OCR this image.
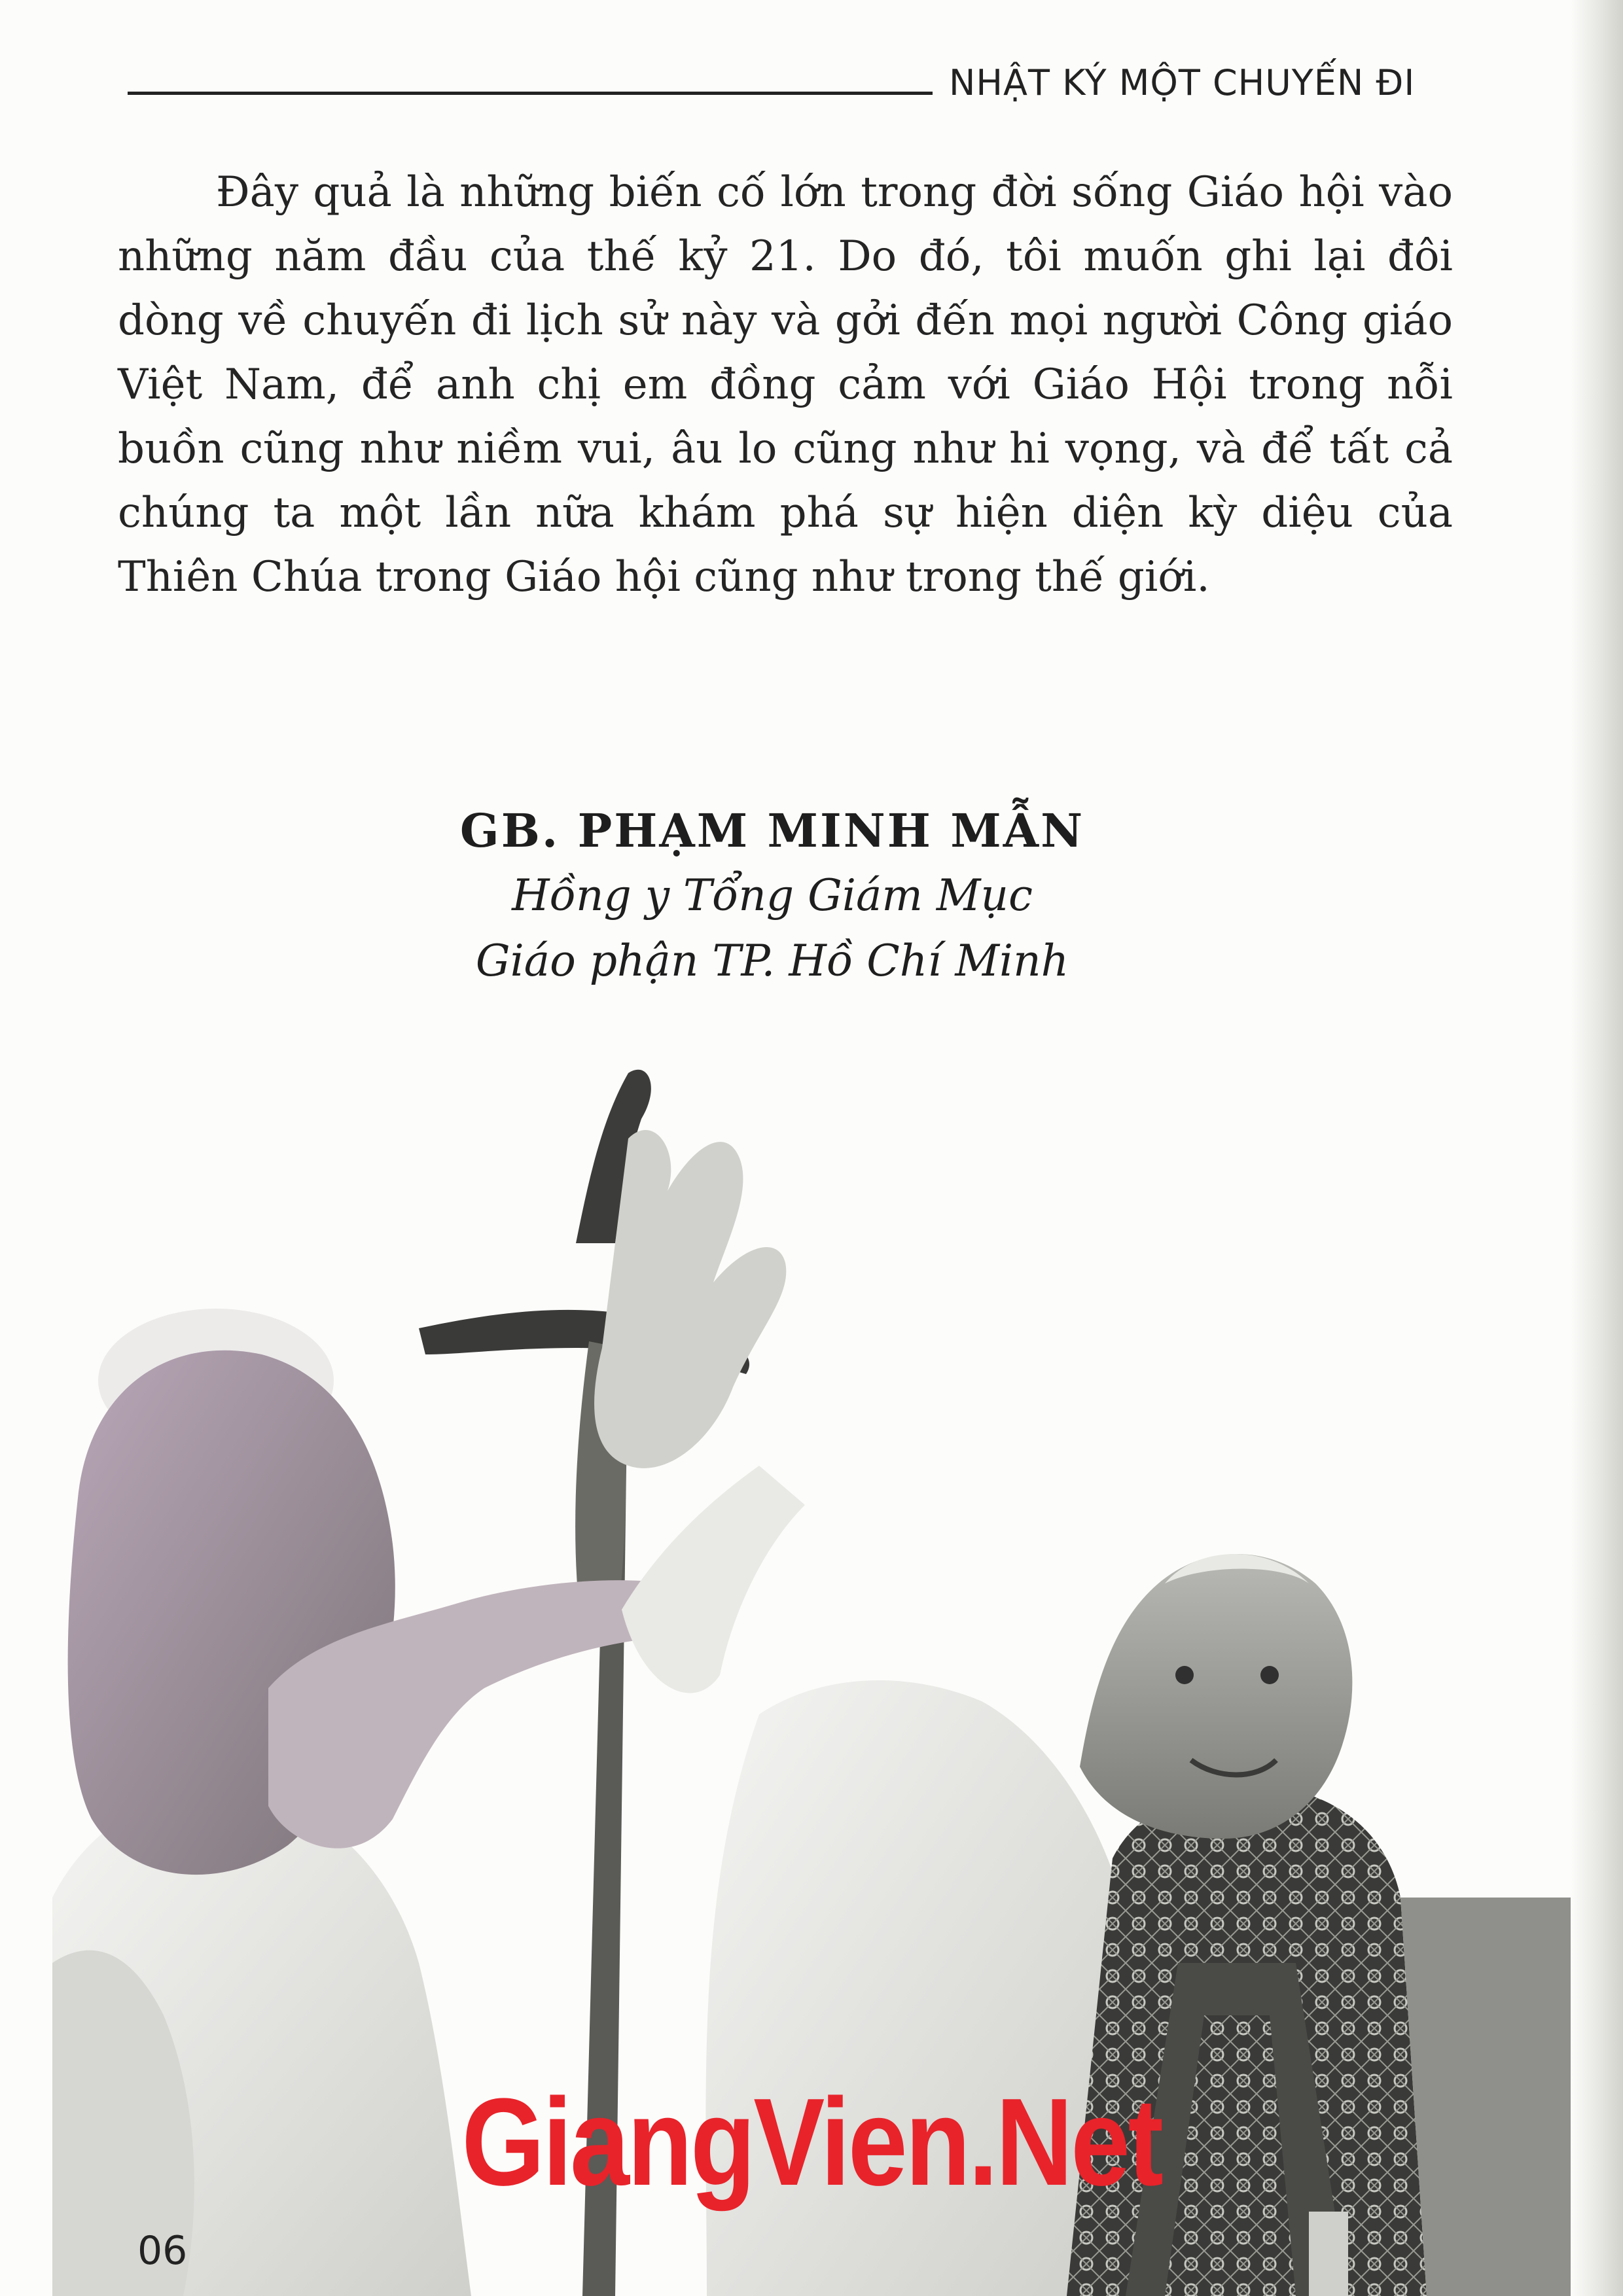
NHẬT KÝ MỘT CHUYẾN ĐI
Đây quả là những biến cố lớn trong đời sống Giáo hội vào những năm đầu của thế kỷ 21. Do đó, tôi muốn ghi lại đôi dòng về chuyến đi lịch sử này và gởi đến mọi người Công giáo Việt Nam, để anh chị em đồng cảm với Giáo Hội trong nỗi buồn cũng như niềm vui, âu lo cũng như hi vọng, và để tất cả chúng ta một lần nữa khám phá sự hiện diện kỳ diệu của Thiên Chúa trong Giáo hội cũng như trong thế giới.
GB. PHẠM MINH MẪN
Hồng y Tổng Giám Mục
Giáo phận TP. Hồ Chí Minh
06
GiangVien.Net
